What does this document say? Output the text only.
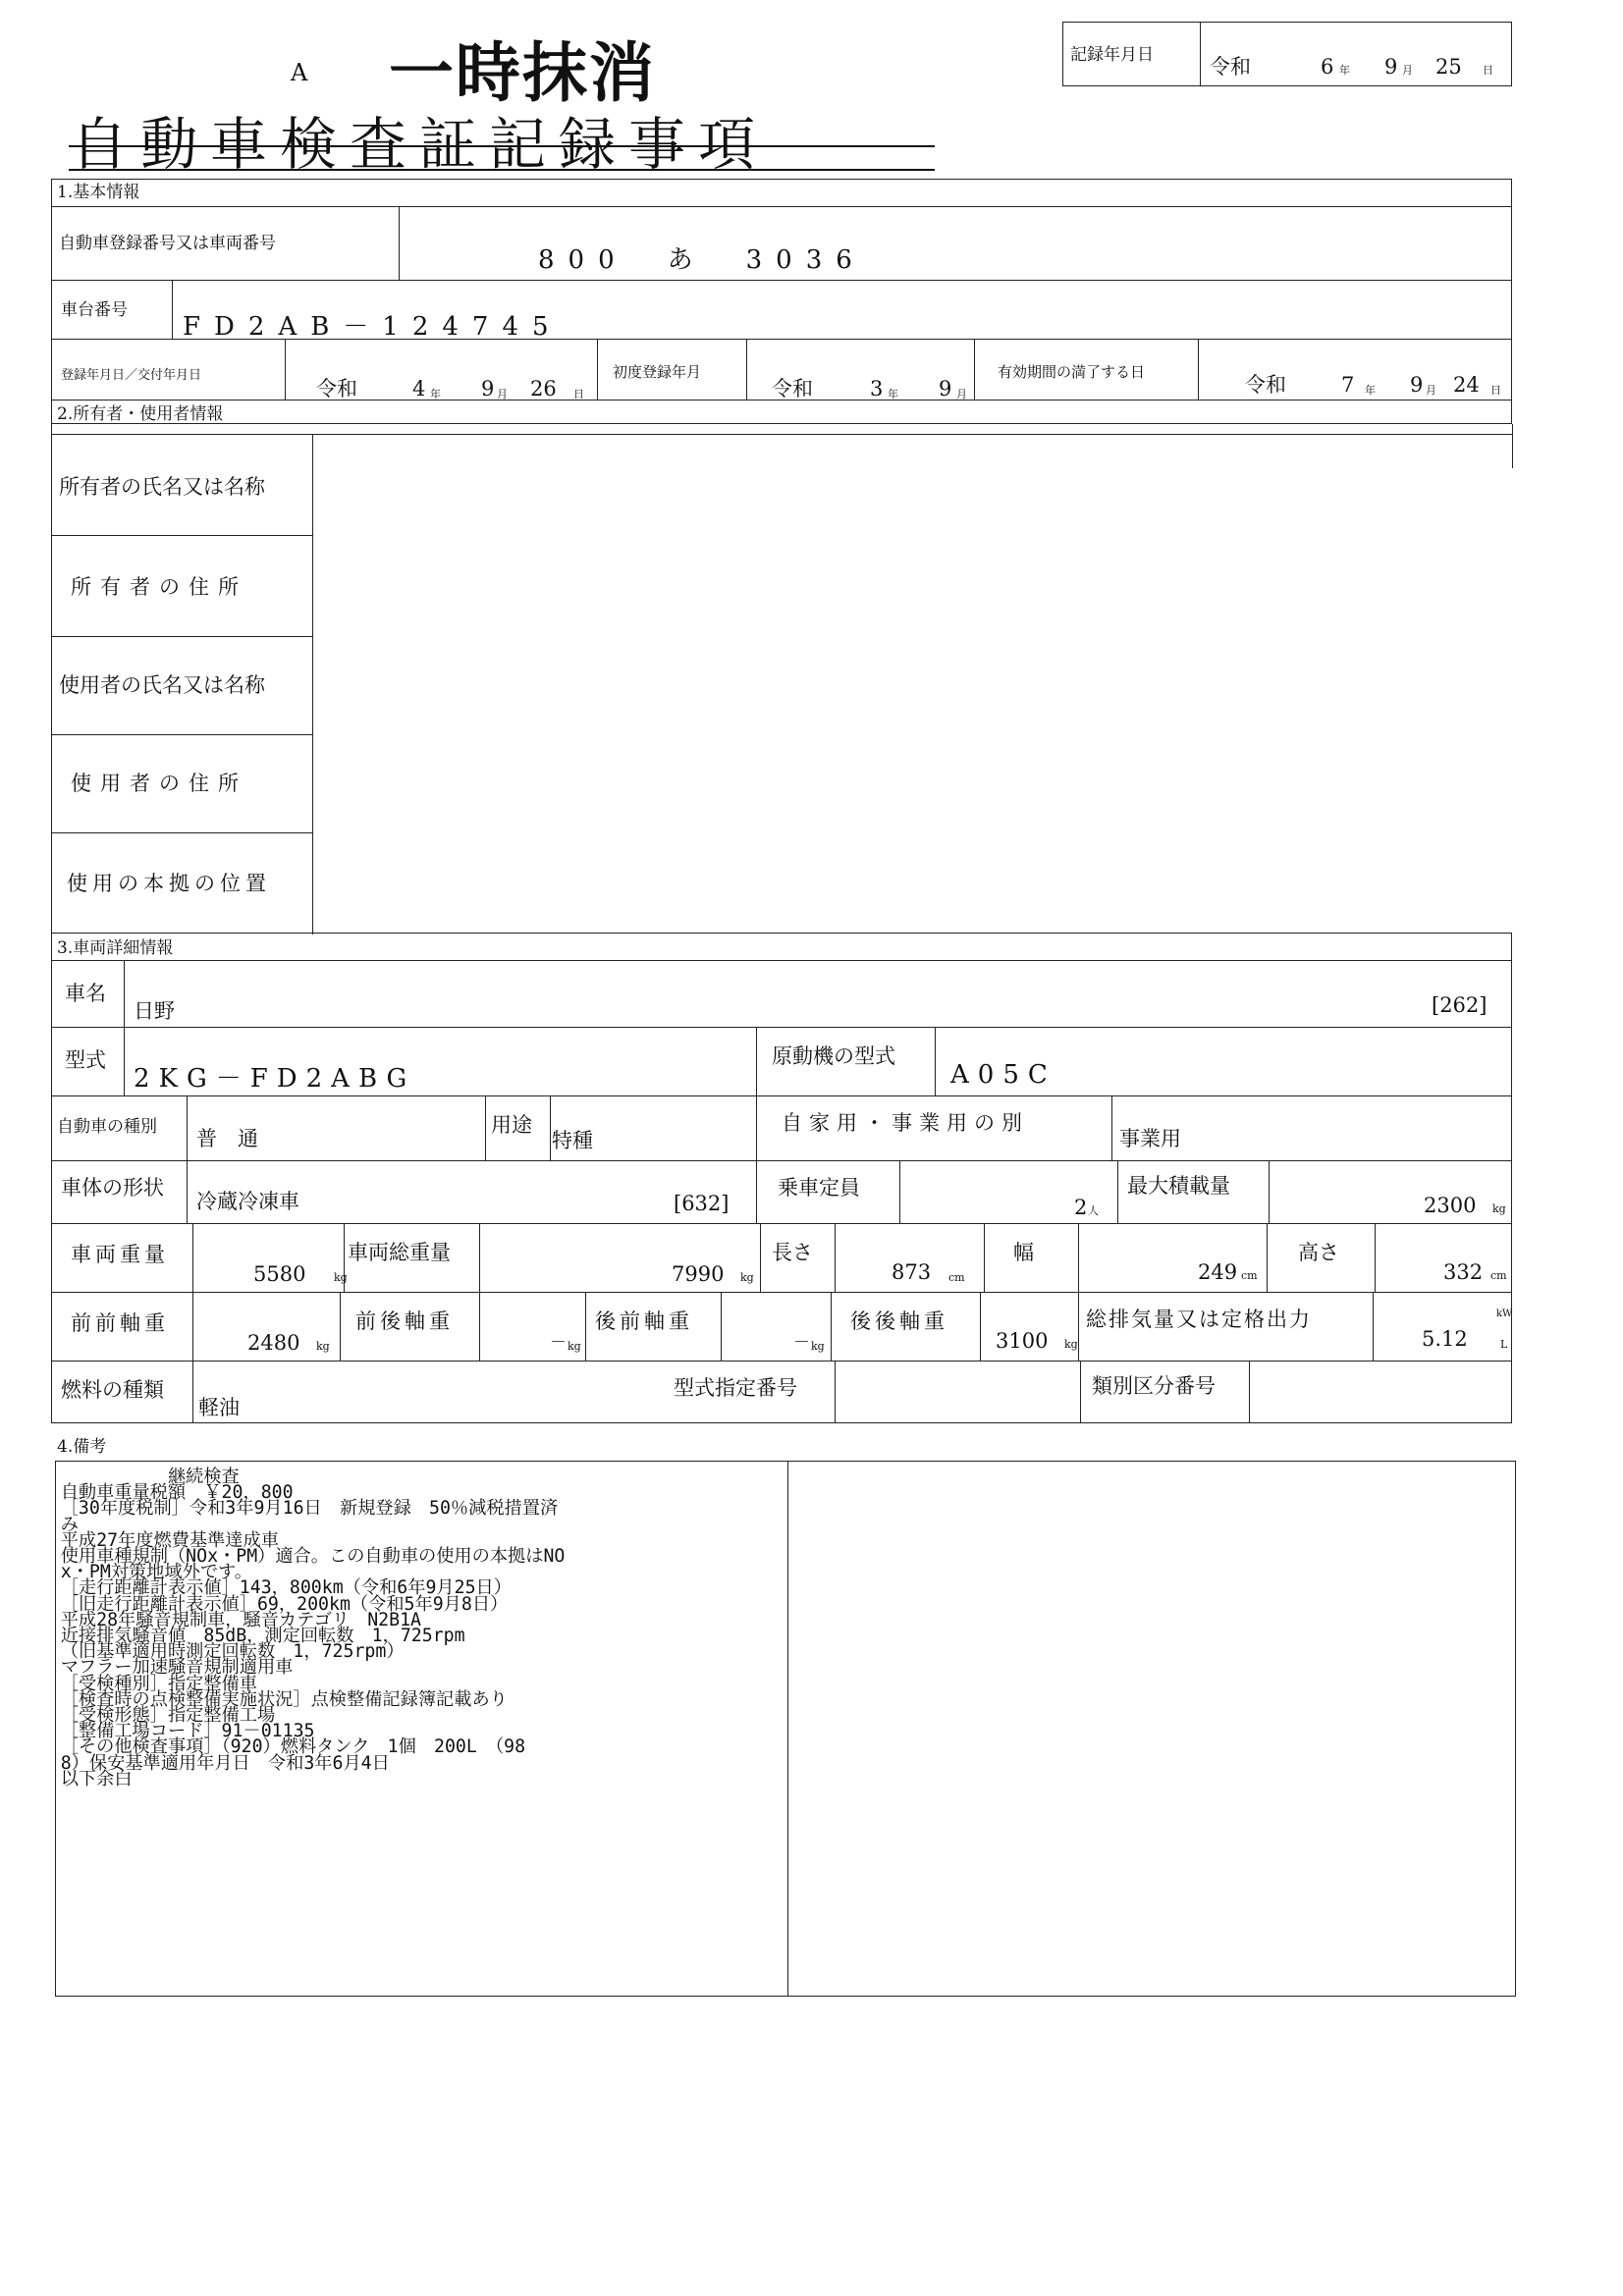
A 一時抹消
自動車検査証記録事項
記録年月日	令和	6 年 9 月 25 日
1.基本情報
自動車登録番号又は車両番号
800　あ　3036
車台番号
FD2AB－124745
登録年月日／交付年月日
令和	4 年 9 月 26 日
初度登録年月
令和	3 年 9 月
有効期間の満了する日
令和	7 年 9 月 24 日
2.所有者・使用者情報
所有者の氏名又は名称
所有者の住所
使用者の氏名又は名称
使用者の住所
使用の本拠の位置
3.車両詳細情報
車名
日野	[262]
型式
2KG－FD2ABG
原動機の型式
A05C
自動車の種別 普　通
用途
特種
自家用・事業用の別
事業用
車体の形状
冷蔵冷凍車	[632]
乗車定員
2 人
最大積載量
2300 kg
車両重量
5580	kg
車両総重量
7990 kg
長さ
873 cm
幅
249 cm
高さ
332 cm
前前軸重
2480 kg
前後軸重
－ kg
後前軸重
－ kg
後後軸重
3100 kg
総排気量又は定格出力
5.12
kW
L
燃料の種類
軽油
型式指定番号	類別区分番号
4.備考
　　　　　　継続検査
自動車重量税額　￥20，800
［30年度税制］令和3年9月16日　新規登録　50％減税措置済
み
平成27年度燃費基準達成車
使用車種規制（NOx・PM）適合。この自動車の使用の本拠はNO
x・PM対策地域外です。
［走行距離計表示値］143，800km（令和6年9月25日）
［旧走行距離計表示値］69，200km（令和5年9月8日）
平成28年騒音規制車，騒音カテゴリ　N2B1A
近接排気騒音値　85dB，測定回転数　1，725rpm
（旧基準適用時測定回転数　1，725rpm）
マフラー加速騒音規制適用車
［受検種別］指定整備車
［検査時の点検整備実施状況］点検整備記録簿記載あり
［受検形態］指定整備工場
［整備工場コード］91－01135
［その他検査事項］（920）燃料タンク　1個　200L　（98
8）保安基準適用年月日　令和3年6月4日
以下余白
